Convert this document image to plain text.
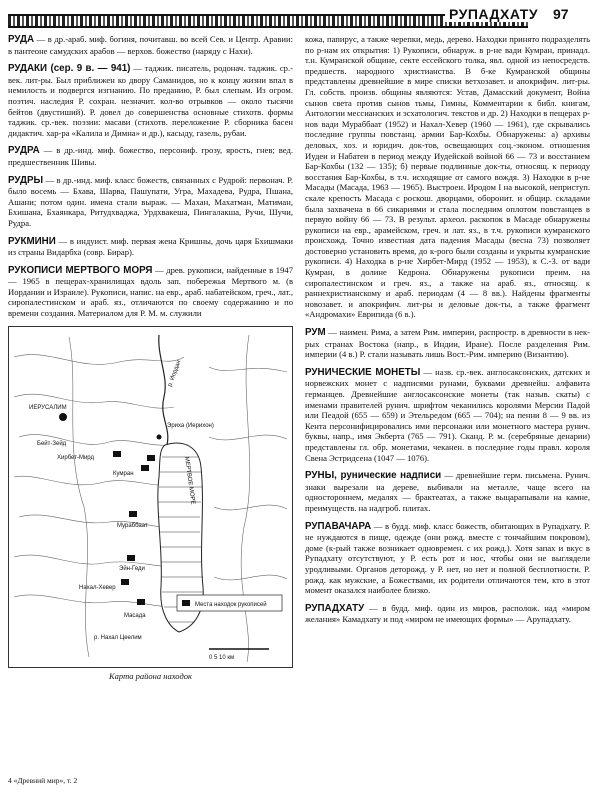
РУПАДХАТУ 97
РУДА — в др.-араб. миф. богиня, почитавш. во всей Сев. и Центр. Аравии: в пантеоне самудских арабов — верхов. божество (наряду с Нахи).
РУДАКИ (сер. 9 в. — 941) — таджик. писатель, родонач. таджик. ср.-век. лит-ры. Был приближен ко двору Саманидов, но к концу жизни впал в немилость и подвергся изгнанию. По преданию, Р. был слепым. Из огром. поэтич. наследия Р. сохран. незначит. кол-во отрывков — около тысячи бейтов (двустиший). Р. довел до совершенства основные стихотв. формы таджик. ср.-век. поэзии: масави (стихотв. переложение Р. сборника басен дидактич. хар-ра «Калила и Димна» и др.), касыду, газель, рубаи.
РУДРА — в др.-инд. миф. божество, персониф. грозу, ярость, гнев; вед. предшественник Шивы.
РУДРЫ — в др.-инд. миф. класс божеств, связанных с Рудрой: первонач. Р. было восемь — Бхава, Шарва, Пашупати, Угра, Махадева, Рудра, Пшана, Ашани; потом один. имена стали выраж. — Махан, Махатман, Матиман, Бхишана, Бхаянкара, Ритудхваджа, Урдхвакеша, Пингалакша, Ручи, Шучи, Рудра.
РУКМИНИ — в индуист. миф. первая жена Кришны, дочь царя Бхишмаки из страны Видарбха (совр. Бирар).
РУКОПИСИ МЕРТВОГО МОРЯ — древ. рукописи, найденные в 1947 — 1965 в пещерах-хранилищах вдоль зап. побережья Мертвого м. (в Иордании и Израиле). Рукописи, напис. на евр., араб. набатейском, греч., лат., сиропалестинском и араб. яз., отличаются по своему содержанию и по времени создания. Материалом для Р. М. м. служили
ИЕРУСАЛИМ
Эриха (Иерихон)
Бейт-Зейд
Хирбет-Мирд
Кумран
Мураббаат
Эйн-Геди
Нахал-Хевер
Масада
р. Иордан
МЕРТВОЕ МОРЕ
р. Нахал Цеелим
Места находок рукописей
0 5 10 км
Карта района находок
кожа, папирус, а также черепки, медь, дерево. Находки принято подразделять по р-нам их открытия: 1) Рукописи, обнаруж. в р-не вади Кумран, принадл. т.н. Кумранской общине, секте ессейского толка, явл. одной из непосредств. предшеств. народного христианства. В б-ке Кумранской общины представлены древнейшие в мире списки ветхозавет. и апокрифич. лит-ры. Гл. собств. произв. общины являются: Устав, Дамасский документ, Война сынов света против сынов тьмы, Гимны, Комментарии к библ. книгам, Антологии мессианских и эсхатологич. текстов и др. 2) Находки в пещерах р-нов вади Мураббаат (1952) и Нахал-Хевер (1960 — 1961), где скрывались последние группы повстанц. армии Бар-Кохбы. Обнаружены: а) архивы деловых, хоз. и юридич. док-тов, освещающих соц.-эконом. отношения Иудеи и Набатеи в период между Иудейской войной 66 — 73 и восстанием Бар-Кохбы (132 — 135); б) первые подлинные док-ты, относящ. к периоду восстания Бар-Кохбы, в т.ч. исходящие от самого вождя. 3) Находки в р-не Масады (Масада, 1963 — 1965). Выстроен. Иродом I на высокой, неприступ. скале крепость Масада с роскош. дворцами, оборонит. и общир. складами была захвачена в 66 сикариями и стала последним оплотом повстанцев в первую войну 66 — 73. В результ. археол. раскопок в Масаде обнаружены рукописи на евр., арамейском, греч. и лат. яз., в т.ч. рукописи кумранского происхожд. Точно известная дата падения Масады (весна 73) позволяет достоверно установить время, до к-рого были созданы и укрыты кумранские рукописи. 4) Находка в р-не Хирбет-Мирд (1952 — 1953), к С.-З. от вади Кумран, в долине Кедрона. Обнаружены рукописи преим. на сиропалестинском и греч. яз., а также на араб. яз., относящ. к раннехристианскому и араб. периодам (4 — 8 вв.). Найдены фрагменты новозавет. и апокрифич. лит-ры и деловые док-ты, а также фрагмент «Андромахи» Еврипида (6 в.).
РУМ — наимен. Рима, а затем Рим. империи, распростр. в древности в нек-рых странах Востока (напр., в Индии, Иране). После разделения Рим. империи (4 в.) Р. стали называть лишь Вост.-Рим. империю (Византию).
РУНИЧЕСКИЕ МОНЕТЫ — назв. ср.-век. англосаксонских, датских и норвежских монет с надписями рунами, буквами древнейш. алфавита германцев. Древнейшие англосаксонские монеты (так назыв. скаты) с именами правителей рунич. шрифтом чеканились королями Мерсии Падой или Пеадой (655 — 659) и Этельредом (665 — 704); на пенни 8 — 9 вв. из Кента персонифицировались ими персонажи или монетного мастера рунич. буквы, напр., имя Экберта (765 — 791). Сканд. Р. м. (серебряные денарии) представлены гл. обр. монетами, чеканен. в последние годы правл. короля Свена Эстридсена (1047 — 1076).
РУНЫ, рунические надписи — древнейшие герм. письмена. Рунич. знаки вырезали на дереве, выбивали на металле, чаще всего на одностороннем, медалях — брактеатах, а также выцарапывали на камне, преимуществ. на надгроб. плитах.
РУПАВАЧАРА — в будд. миф. класс божеств, обитающих в Рупадхату. Р. не нуждаются в пище, одежде (они рожд. вместе с тончайшим покровом), доме (к-рый также возникает одновремен. с их рожд.). Хотя запах и вкус в Рупадхату отсутствуют, у Р. есть рот и нос, чтобы они не выглядели уродливыми. Органов деторожд. у Р. нет, но нет и полной бесплотности. Р. рожд. как мужские, а Божествами, их родители отличаются тем, кто в этот момент оказался наиболее близко.
РУПАДХАТУ — в будд. миф. один из миров, располож. над «миром желания» Камадхату и под «миром не имеющих формы» — Арупадхату.
4 «Древний мир», т. 2
